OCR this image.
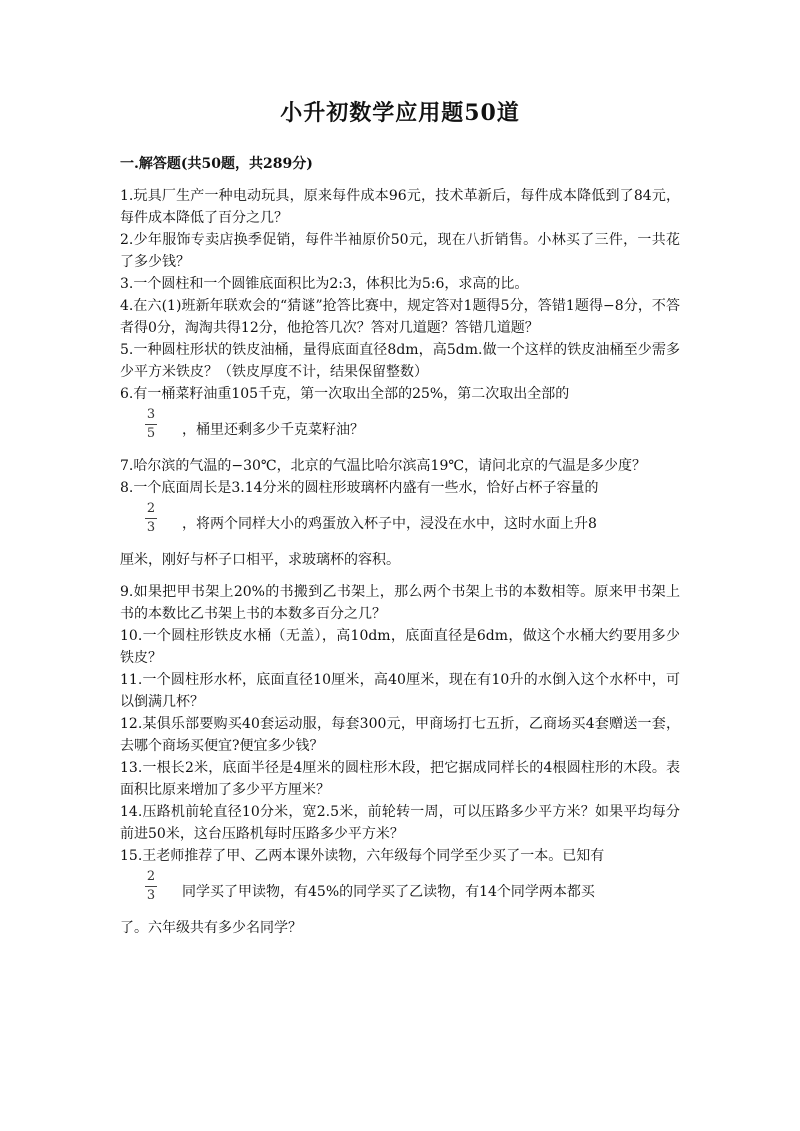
小升初数学应用题50道
一.解答题(共50题，共289分)

1.玩具厂生产一种电动玩具，原来每件成本96元，技术革新后，每件成本降低到了84元，每件成本降低了百分之几？

2.少年服饰专卖店换季促销，每件半袖原价50元，现在八折销售。小林买了三件，一共花了多少钱？

3.一个圆柱和一个圆锥底面积比为2:3，体积比为5:6，求高的比。

4.在六(1)班新年联欢会的“猜谜”抢答比赛中，规定答对1题得5分，答错1题得−8分，不答者得0分，淘淘共得12分，他抢答几次？答对几道题？答错几道题？

5.一种圆柱形状的铁皮油桶，量得底面直径8dm，高5dm.做一个这样的铁皮油桶至少需多少平方米铁皮？（铁皮厚度不计，结果保留整数）

6.有一桶菜籽油重105千克，第一次取出全部的25%，第二次取出全部的

3
5 ，桶里还剩多少千克菜籽油？

7.哈尔滨的气温的−30℃，北京的气温比哈尔滨高19℃，请问北京的气温是多少度？

8.一个底面周长是3.14分米的圆柱形玻璃杯内盛有一些水，恰好占杯子容量的

2
3 ，将两个同样大小的鸡蛋放入杯子中，浸没在水中，这时水面上升8

厘米，刚好与杯子口相平，求玻璃杯的容积。

9.如果把甲书架上20%的书搬到乙书架上，那么两个书架上书的本数相等。原来甲书架上书的本数比乙书架上书的本数多百分之几？

10.一个圆柱形铁皮水桶（无盖），高10dm，底面直径是6dm，做这个水桶大约要用多少铁皮？

11.一个圆柱形水杯，底面直径10厘米，高40厘米，现在有10升的水倒入这个水杯中，可以倒满几杯？

12.某俱乐部要购买40套运动服，每套300元，甲商场打七五折，乙商场买4套赠送一套，去哪个商场买便宜?便宜多少钱？

13.一根长2米，底面半径是4厘米的圆柱形木段，把它据成同样长的4根圆柱形的木段。表面积比原来增加了多少平方厘米？

14.压路机前轮直径10分米，宽2.5米，前轮转一周，可以压路多少平方米？如果平均每分前进50米，这台压路机每时压路多少平方米？

15.王老师推荐了甲、乙两本课外读物，六年级每个同学至少买了一本。已知有

2
3 同学买了甲读物，有45%的同学买了乙读物，有14个同学两本都买

了。六年级共有多少名同学？
